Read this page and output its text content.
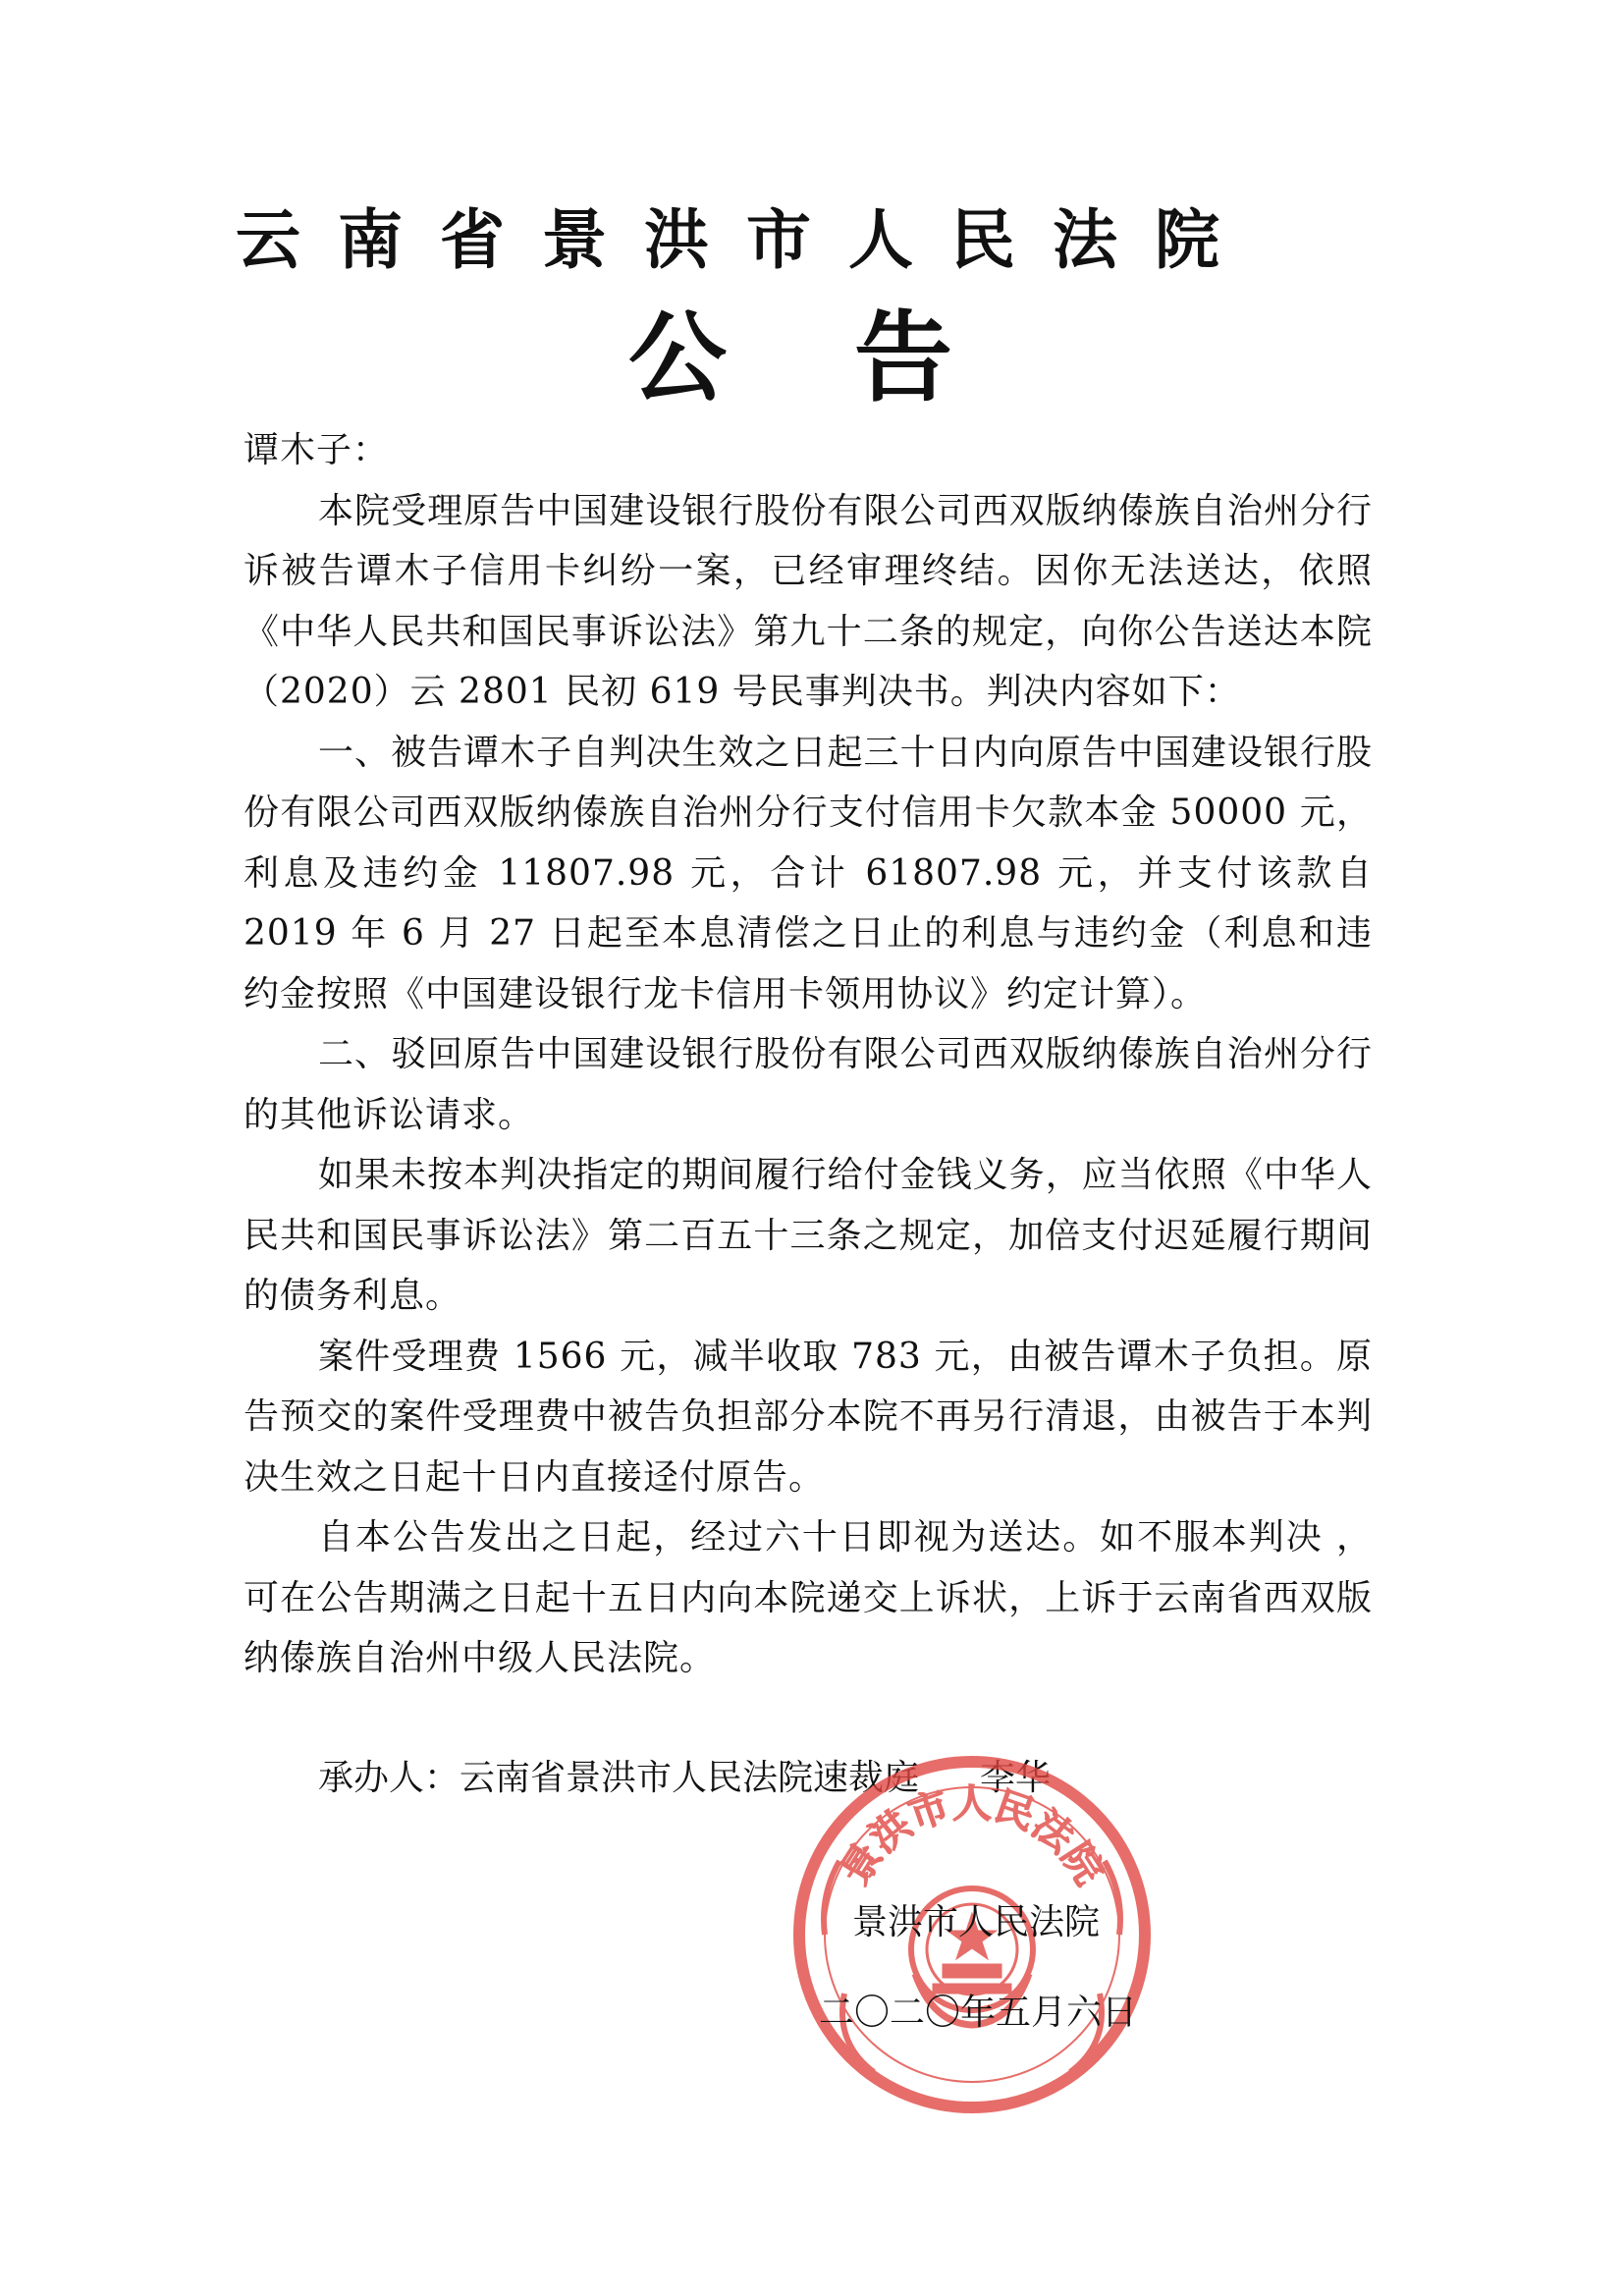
云南省景洪市人民法院
公告

谭木子：

本院受理原告中国建设银行股份有限公司西双版纳傣族自治州分行诉被告谭木子信用卡纠纷一案，已经审理终结。因你无法送达，依照《中华人民共和国民事诉讼法》第九十二条的规定，向你公告送达本院（2020）云 2801 民初 619 号民事判决书。判决内容如下：

一、被告谭木子自判决生效之日起三十日内向原告中国建设银行股份有限公司西双版纳傣族自治州分行支付信用卡欠款本金 50000 元，利息及违约金 11807.98 元，合计 61807.98 元，并支付该款自 2019 年 6 月 27 日起至本息清偿之日止的利息与违约金（利息和违约金按照《中国建设银行龙卡信用卡领用协议》约定计算）。

二、驳回原告中国建设银行股份有限公司西双版纳傣族自治州分行的其他诉讼请求。

如果未按本判决指定的期间履行给付金钱义务，应当依照《中华人民共和国民事诉讼法》第二百五十三条之规定，加倍支付迟延履行期间的债务利息。

案件受理费 1566 元，减半收取 783 元，由被告谭木子负担。原告预交的案件受理费中被告负担部分本院不再另行清退，由被告于本判决生效之日起十日内直接迳付原告。

自本公告发出之日起，经过六十日即视为送达。如不服本判决 ，可在公告期满之日起十五日内向本院递交上诉状，上诉于云南省西双版纳傣族自治州中级人民法院。

承办人：云南省景洪市人民法院速裁庭 李华
景洪市人民法院
景洪市人民法院
二〇二〇年五月六日
